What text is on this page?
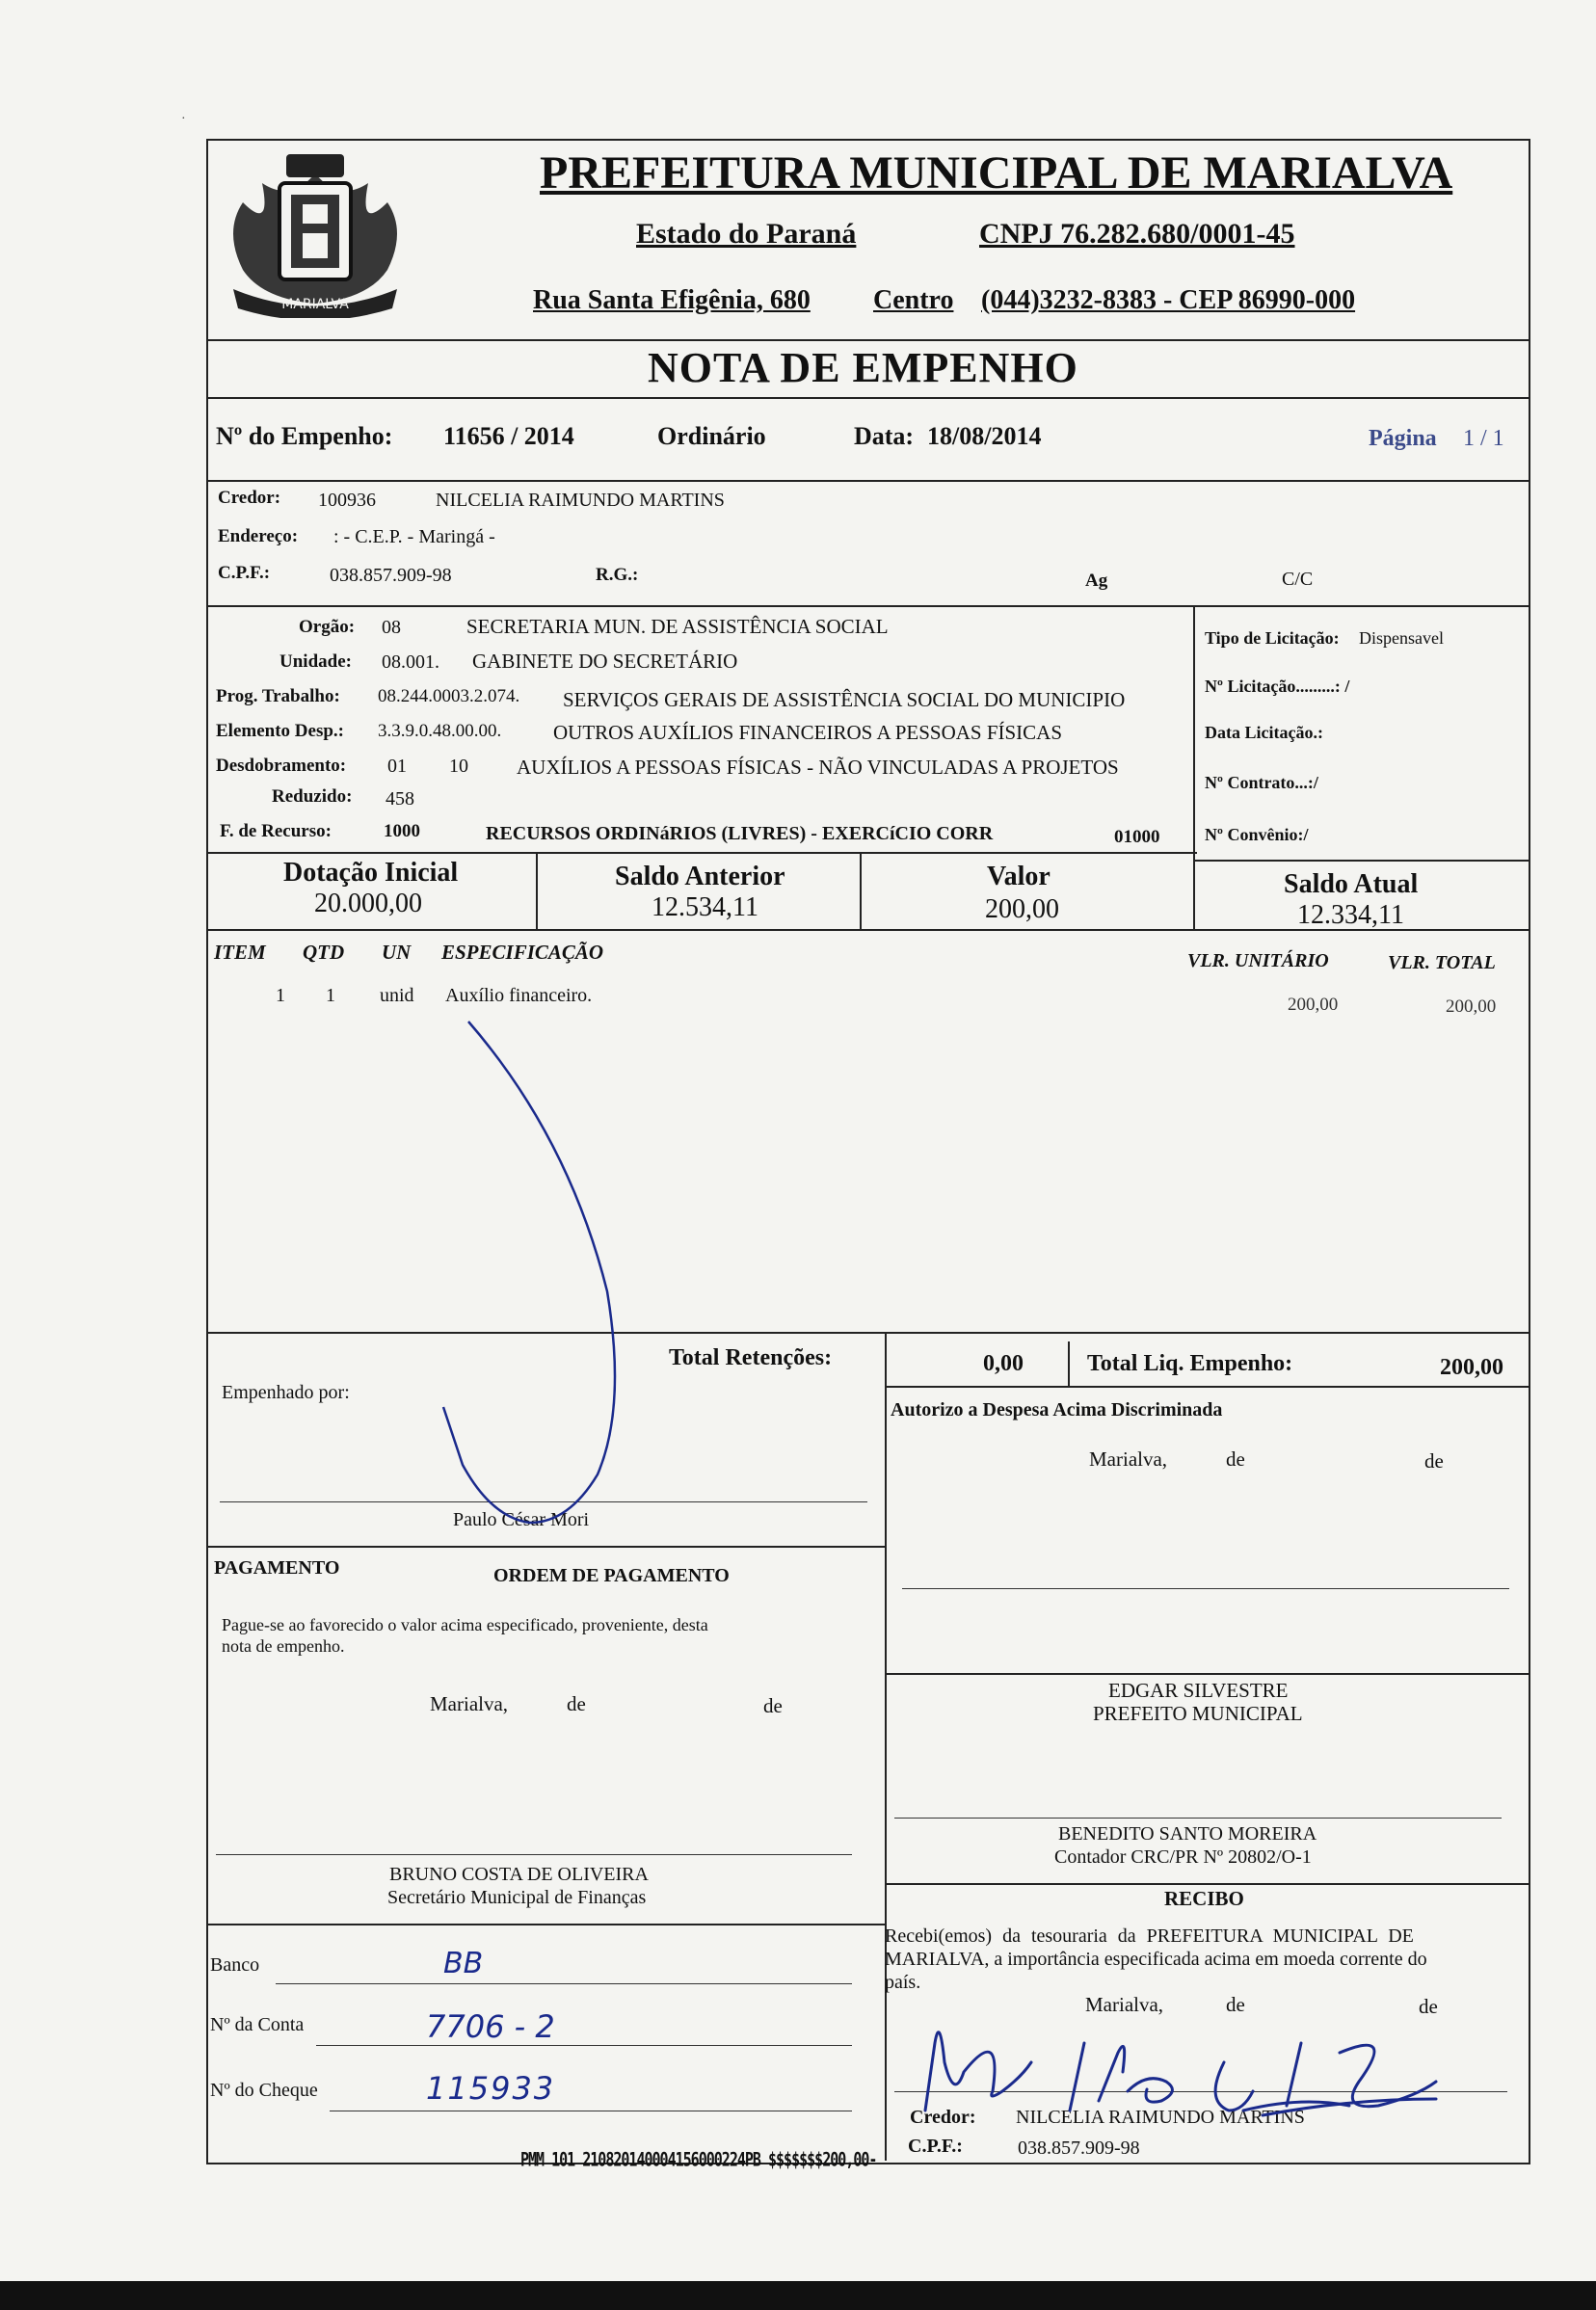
·
MARIALVA
PREFEITURA MUNICIPAL DE MARIALVA
Estado do Paraná	CNPJ 76.282.680/0001-45
Rua Santa Efigênia, 680 Centro (044)3232-8383 - CEP 86990-000
NOTA DE EMPENHO
Nº do Empenho: 11656 / 2014	Ordinário	Data: 18/08/2014	Página 1 / 1
Credor: 100936	NILCELIA RAIMUNDO MARTINS
Endereço: : - C.E.P. - Maringá -
C.P.F.:	038.857.909-98	R.G.:	Ag	C/C
Orgão: 08	SECRETARIA MUN. DE ASSISTÊNCIA SOCIAL
Unidade: 08.001. GABINETE DO SECRETÁRIO
Prog. Trabalho: 08.244.0003.2.074. SERVIÇOS GERAIS DE ASSISTÊNCIA SOCIAL DO MUNICIPIO
Elemento Desp.: 3.3.9.0.48.00.00.	OUTROS AUXÍLIOS FINANCEIROS A PESSOAS FÍSICAS
Desdobramento: 01 10 AUXÍLIOS A PESSOAS FÍSICAS - NÃO VINCULADAS A PROJETOS
Reduzido: 458
F. de Recurso:	1000	RECURSOS ORDINáRIOS (LIVRES) - EXERCíCIO CORR	01000
Tipo de Licitação: Dispensavel
Nº Licitação.........: /
Data Licitação.:
Nº Contrato...:/
Nº Convênio:/
Dotação Inicial
20.000,00
Saldo Anterior
12.534,11
Valor
200,00
Saldo Atual
12.334,11
ITEM QTD UN ESPECIFICAÇÃO	VLR. UNITÁRIO	VLR. TOTAL
1 1 unid Auxílio financeiro.	200,00	200,00
Total Retenções:	0,00	Total Liq. Empenho:	200,00
Empenhado por:
Paulo César Mori
Autorizo a Despesa Acima Discriminada
Marialva,	de	de
EDGAR SILVESTRE
PREFEITO MUNICIPAL
PAGAMENTO	ORDEM DE PAGAMENTO
Pague-se ao favorecido o valor acima especificado, proveniente, desta
nota de empenho.
Marialva,	de	de
BENEDITO SANTO MOREIRA
Contador CRC/PR Nº 20802/O-1
BRUNO COSTA DE OLIVEIRA
Secretário Municipal de Finanças	RECIBO
Recebi(emos) da tesouraria da PREFEITURA MUNICIPAL DE
MARIALVA, a importância especificada acima em moeda corrente do
país.
Marialva,	de	de
Credor: NILCELIA RAIMUNDO MARTINS
C.P.F.:	038.857.909-98
Banco	BB
Nº da Conta	7706 - 2
Nº do Cheque	115933
PMM 101 210820140004156000224PB $$$$$$$200,00-
